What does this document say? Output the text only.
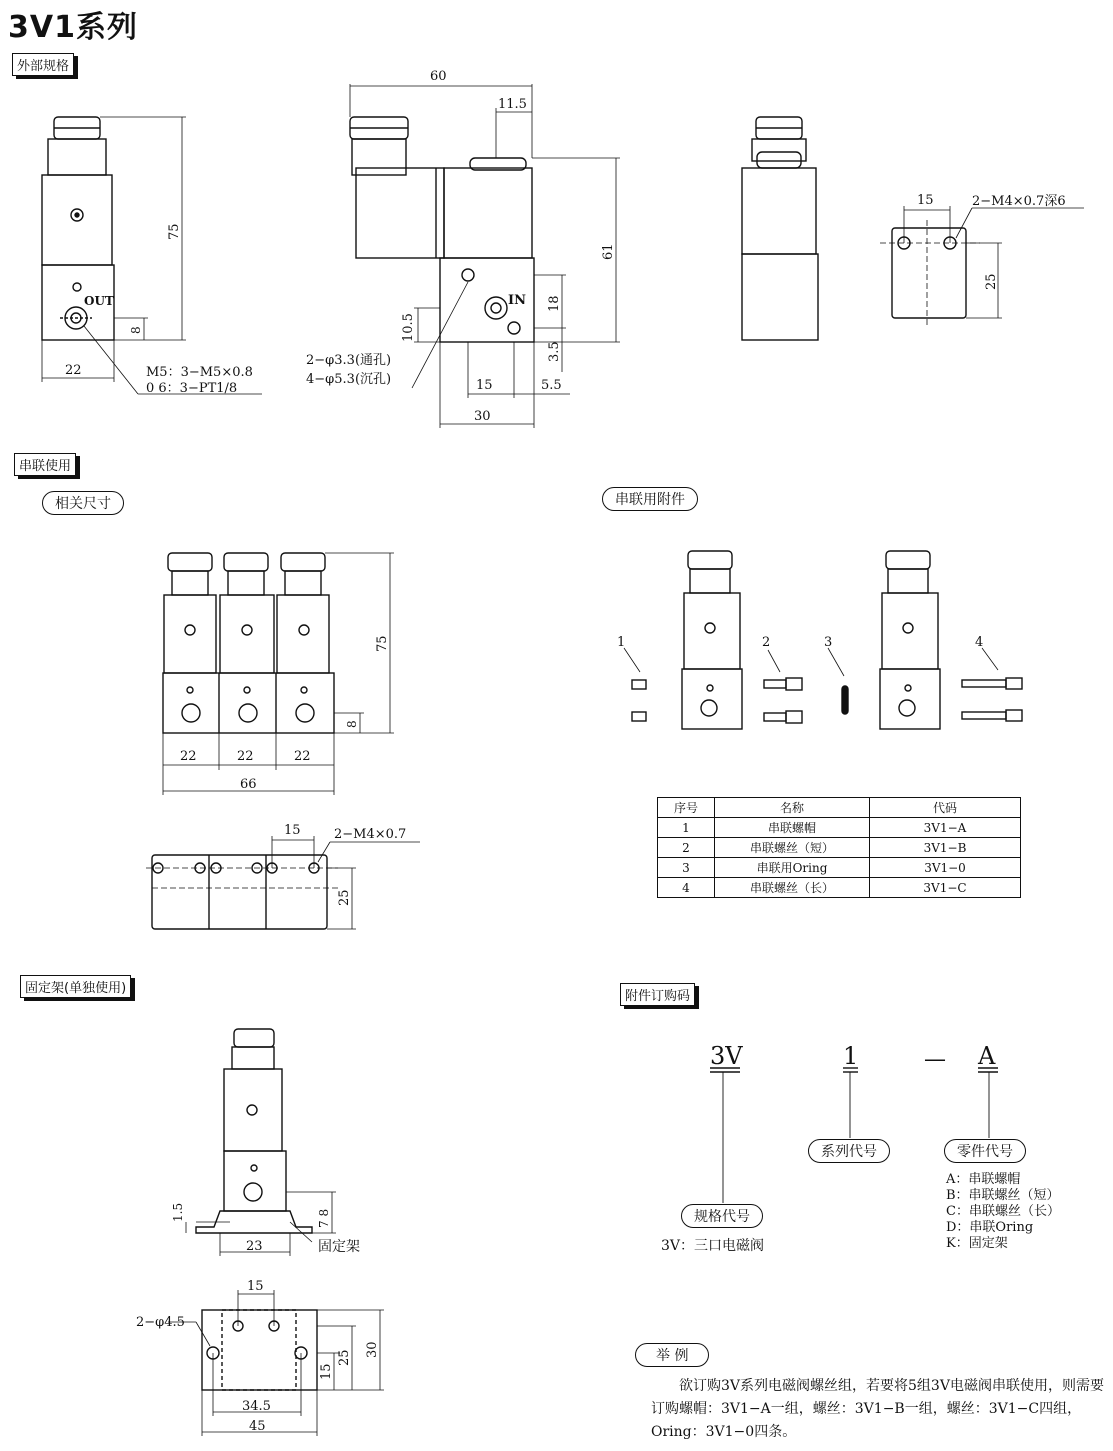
3V1系列
外部规格
串联使用
相关尺寸	串联用附件
固定架(单独使用)
附件订购码
举 例
60
11.5
22
15	5.5
30
15
22	22	22
66
15
23
15
34.5
45
75
8
61
18
10.5
3.5
25
75
8
25
1.5	7 8
15
25 30
OUT	IN
M5：3−M5×0.8
0 6：3−PT1/8
2−φ3.3(通孔)
4−φ5.3(沉孔)
2−M4×0.7深6
2−M4×0.7
固定架
2−φ4.5
1	2	3	4
3V	1	— A
序号	名称	代码
1	串联螺帽	3V1−A
2	串联螺丝（短）	3V1−B
3	串联用Oring	3V1−0
4	串联螺丝（长）	3V1−C
系列代号	零件代号
规格代号
3V：三口电磁阀
A：串联螺帽
B：串联螺丝（短）
C：串联螺丝（长）
D：串联Oring
K：固定架
欲订购3V系列电磁阀螺丝组，若要将5组3V电磁阀串联使用，则需要订购螺帽：3V1−A一组，螺丝：3V1−B一组，螺丝：3V1−C四组，Oring：3V1−0四条。
